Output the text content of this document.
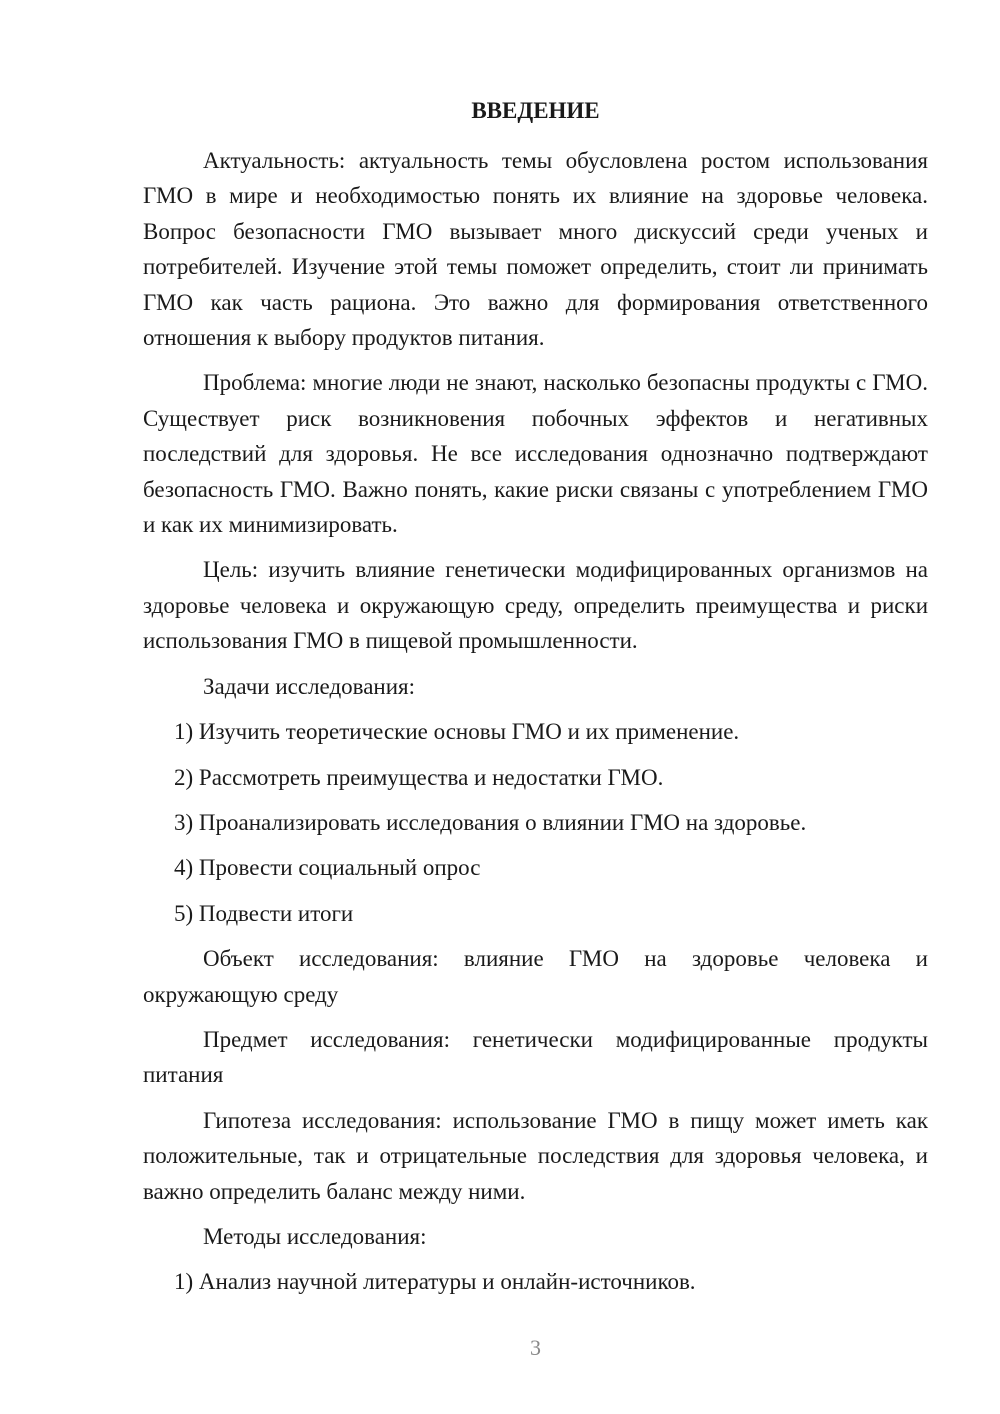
ВВЕДЕНИЕ

Актуальность: актуальность темы обусловлена ростом использования ГМО в мире и необходимостью понять их влияние на здоровье человека. Вопрос безопасности ГМО вызывает много дискуссий среди ученых и потребителей. Изучение этой темы поможет определить, стоит ли принимать ГМО как часть рациона. Это важно для формирования ответственного отношения к выбору продуктов питания.

Проблема: многие люди не знают, насколько безопасны продукты с ГМО. Существует риск возникновения побочных эффектов и негативных последствий для здоровья. Не все исследования однозначно подтверждают безопасность ГМО. Важно понять, какие риски связаны с употреблением ГМО и как их минимизировать.

Цель: изучить влияние генетически модифицированных организмов на здоровье человека и окружающую среду, определить преимущества и риски использования ГМО в пищевой промышленности.

Задачи исследования:

1) Изучить теоретические основы ГМО и их применение.

2) Рассмотреть преимущества и недостатки ГМО.

3) Проанализировать исследования о влиянии ГМО на здоровье.

4) Провести социальный опрос

5) Подвести итоги

Объект исследования: влияние ГМО на здоровье человека и окружающую среду

Предмет исследования: генетически модифицированные продукты питания

Гипотеза исследования: использование ГМО в пищу может иметь как положительные, так и отрицательные последствия для здоровья человека, и важно определить баланс между ними.

Методы исследования:

1) Анализ научной литературы и онлайн-источников.

3
